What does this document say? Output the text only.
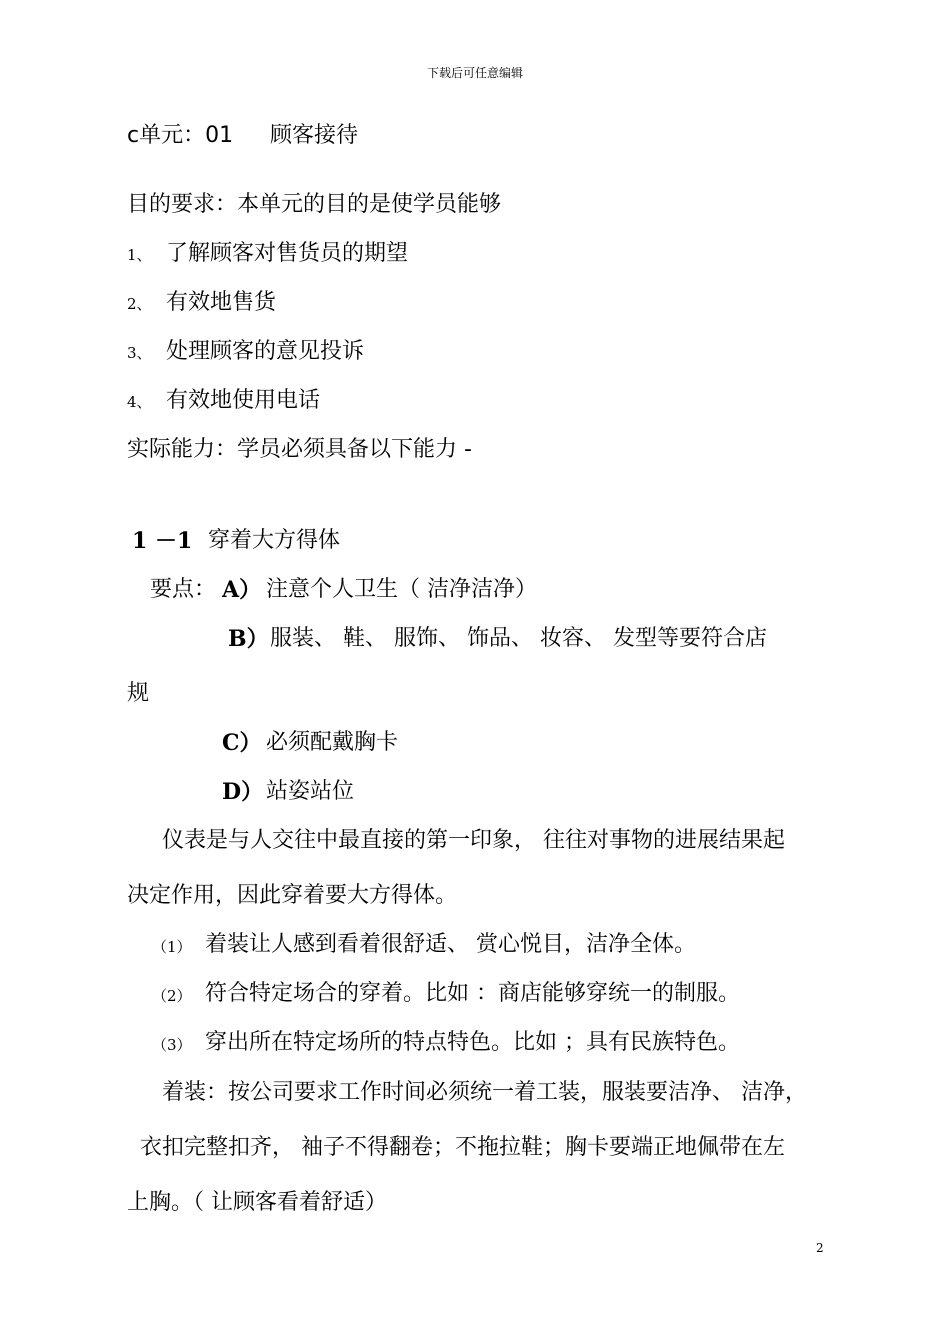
下载后可任意编辑
c单元：01 顾客接待
目的要求：本单元的目的是使学员能够
1、 了解顾客对售货员的期望
2、 有效地售货
3、 处理顾客的意见投诉
4、 有效地使用电话
实际能力：学员必须具备以下能力 -
1 －1 穿着大方得体
要点： A） 注意个人卫生（ 洁净洁净）
B） 服装、 鞋、 服饰、 饰品、 妆容、 发型等要符合店
规
C） 必须配戴胸卡
D） 站姿站位
仪表是与人交往中最直接的第一印象， 往往对事物的进展结果起
决定作用，因此穿着要大方得体。
（1） 着装让人感到看着很舒适、 赏心悦目，洁净全体。
（2） 符合特定场合的穿着。比如 ：商店能够穿统一的制服。
（3） 穿出所在特定场所的特点特色。比如 ；具有民族特色。
着装：按公司要求工作时间必须统一着工装，服装要洁净、 洁净，
衣扣完整扣齐， 袖子不得翻卷；不拖拉鞋；胸卡要端正地佩带在左
上胸。（ 让顾客看着舒适）
2
